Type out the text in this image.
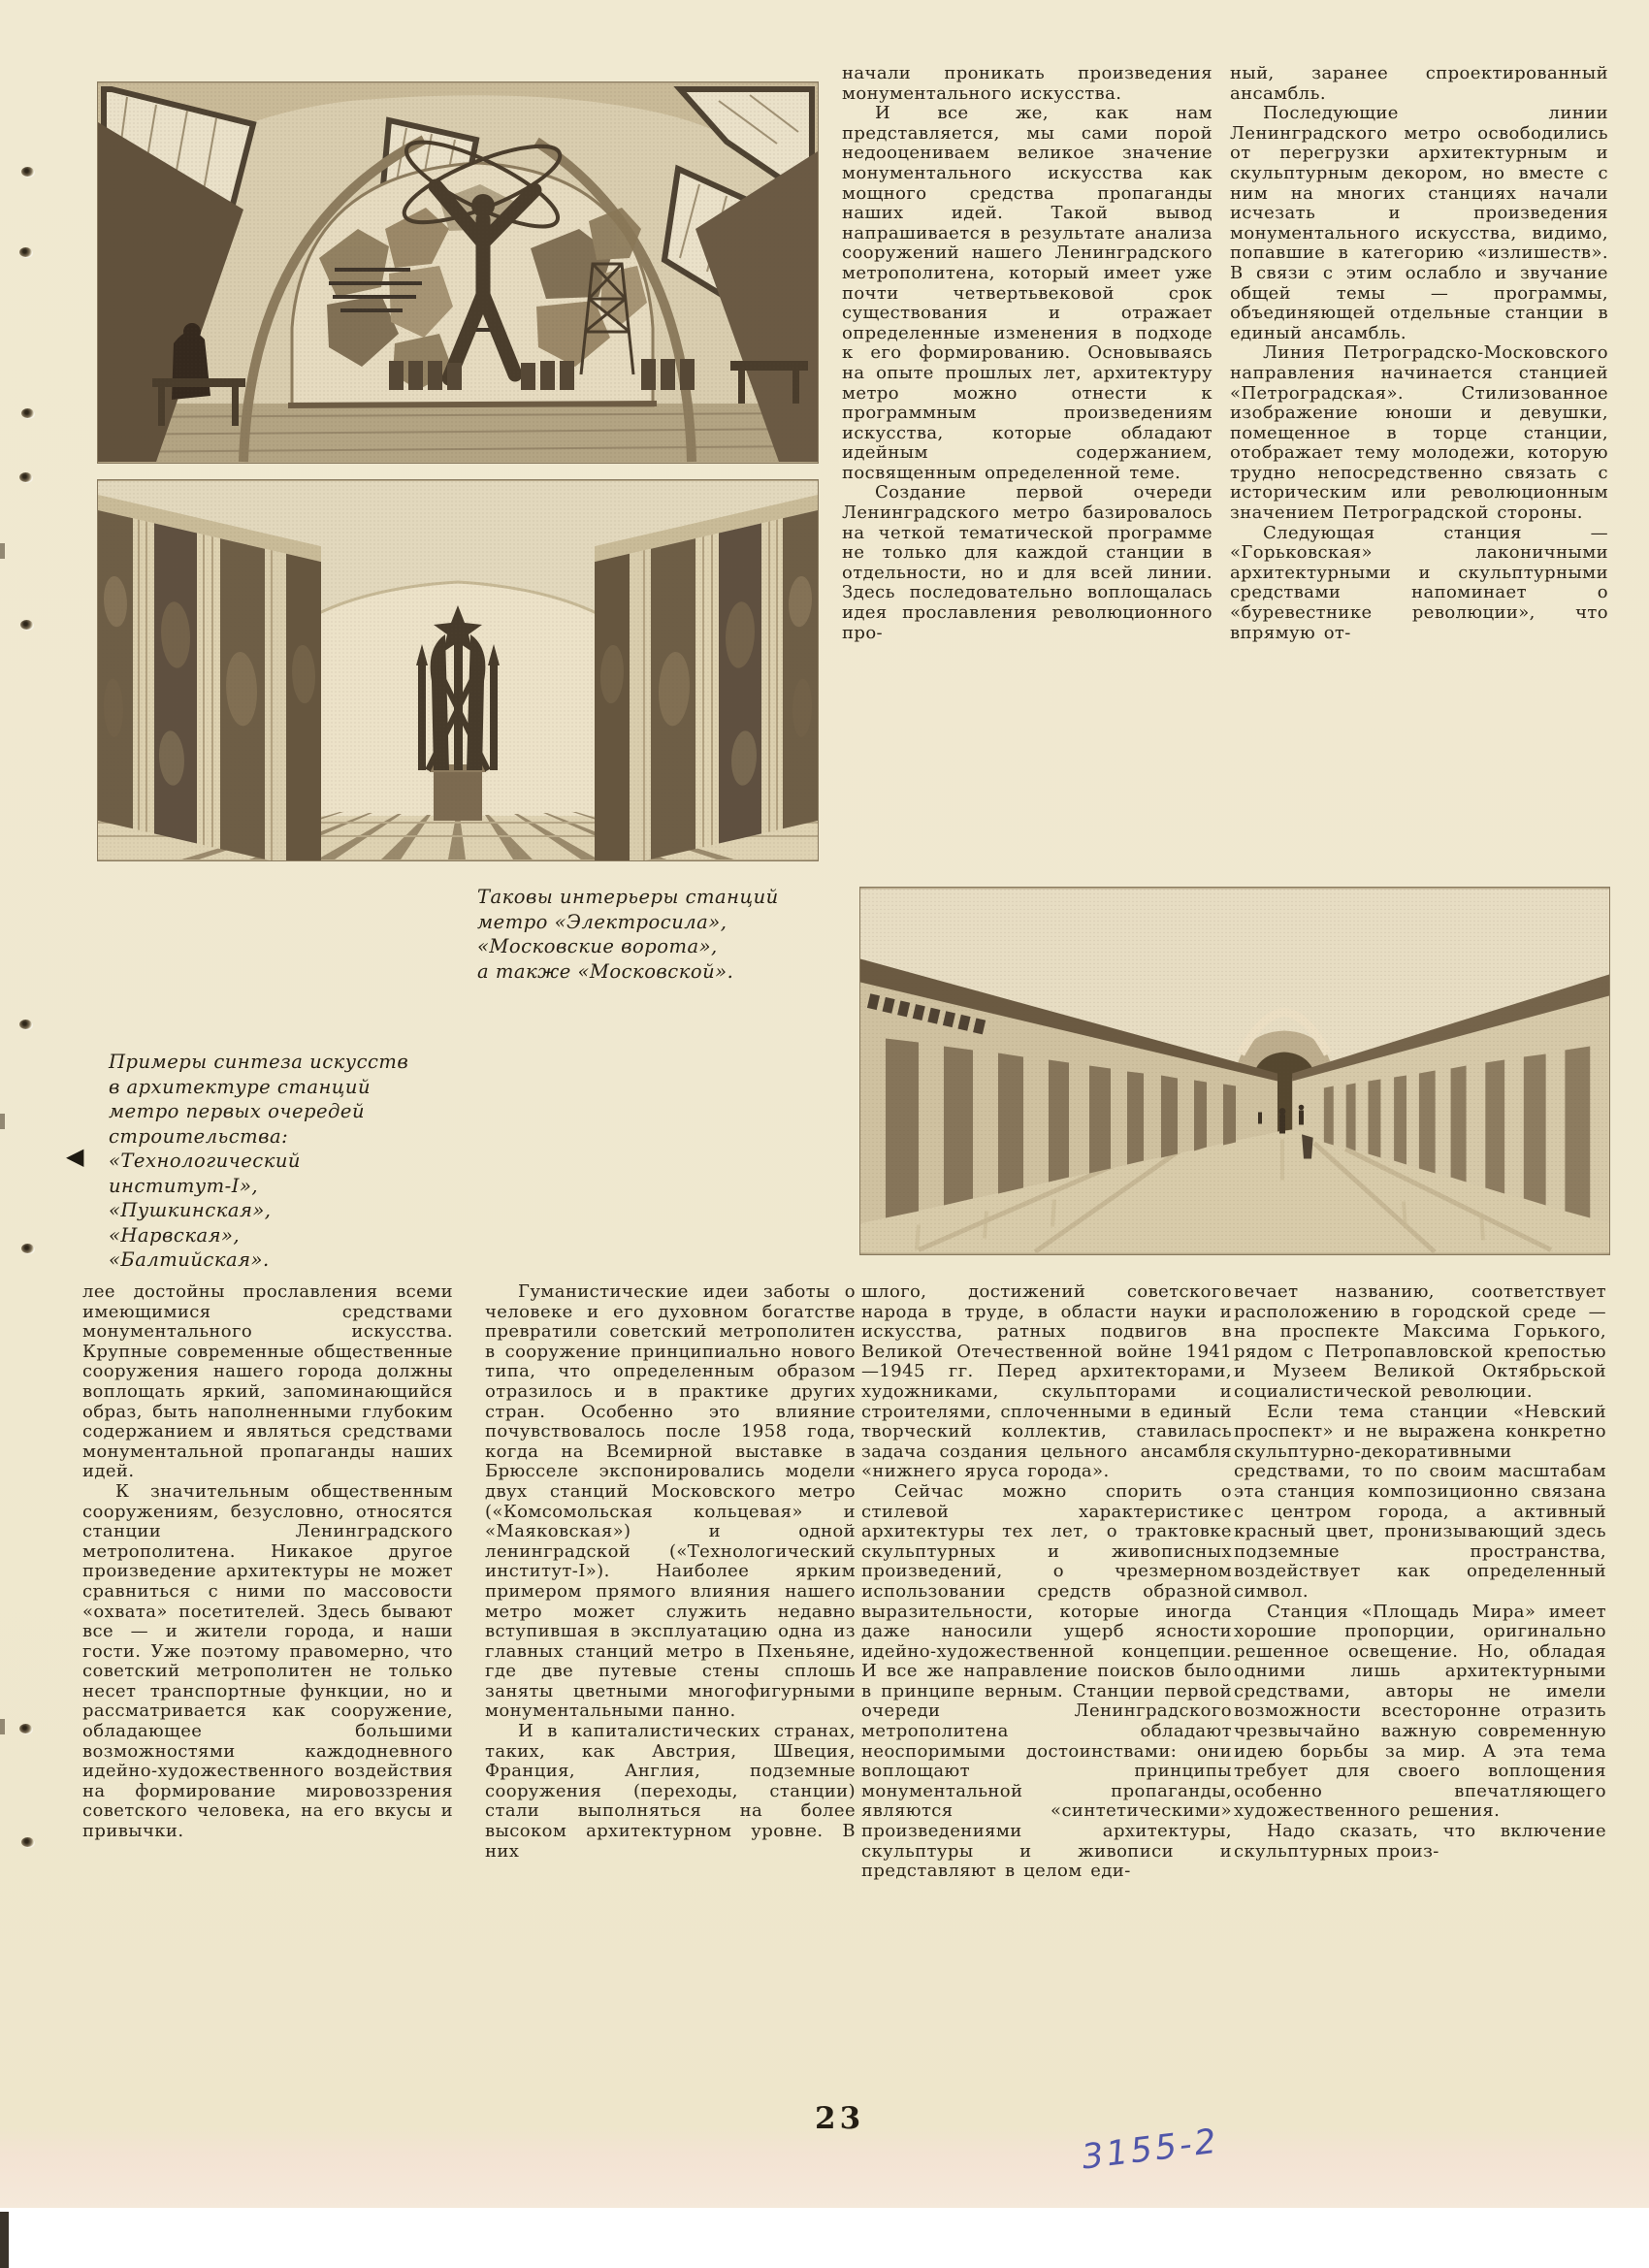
начали проникать произведения монументального искусства.

И все же, как нам представляется, мы сами порой недооцениваем великое значение монументального искусства как мощного средства пропаганды наших идей. Такой вывод напрашивается в результате анализа сооружений нашего Ленинградского метрополитена, который имеет уже почти четвертьвековой срок существования и отражает определенные изменения в подходе к его формированию. Основываясь на опыте прошлых лет, архитектуру метро можно отнести к программным произведениям искусства, которые обладают идейным содержанием, посвященным определенной теме.

Создание первой очереди Ленинградского метро базировалось на четкой тематической программе не только для каждой станции в отдельности, но и для всей линии. Здесь последовательно воплощалась идея прославления революционного про-

ный, заранее спроектированный ансамбль.

Последующие линии Ленинградского метро освободились от перегрузки архитектурным и скульптурным декором, но вместе с ним на многих станциях начали исчезать и произведения монументального искусства, видимо, попавшие в категорию «излишеств». В связи с этим ослабло и звучание общей темы — программы, объединяющей отдельные станции в единый ансамбль.

Линия Петроградско-Московского направления начинается станцией «Петроградская». Стилизованное изображение юноши и девушки, помещенное в торце станции, отображает тему молодежи, которую трудно непосредственно связать с историческим или революционным значением Петроградской стороны.

Следующая станция — «Горьковская» лаконичными архитектурными и скульптурными средствами напоминает о «буревестнике революции», что впрямую от-

Таковы интерьеры станций
метро «Электросила»,
«Московские ворота»,
а также «Московской».
◀
Примеры синтеза искусств
в архитектуре станций
метро первых очередей
строительства:
«Технологический
институт-I»,
«Пушкинская»,
«Нарвская»,
«Балтийская».

лее достойны прославления всеми имеющимися средствами монументального искусства. Крупные современные общественные сооружения нашего города должны воплощать яркий, запоминающийся образ, быть наполненными глубоким содержанием и являться средствами монументальной пропаганды наших идей.

К значительным общественным сооружениям, безусловно, относятся станции Ленинградского метрополитена. Никакое другое произведение архитектуры не может сравниться с ними по массовости «охвата» посетителей. Здесь бывают все — и жители города, и наши гости. Уже поэтому правомерно, что советский метрополитен не только несет транспортные функции, но и рассматривается как сооружение, обладающее большими возможностями каждодневного идейно-художественного воздействия на формирование мировоззрения советского человека, на его вкусы и привычки.

Гуманистические идеи заботы о человеке и его духовном богатстве превратили советский метрополитен в сооружение принципиально нового типа, что определенным образом отразилось и в практике других стран. Особенно это влияние почувствовалось после 1958 года, когда на Всемирной выставке в Брюсселе экспонировались модели двух станций Московского метро («Комсомольская кольцевая» и «Маяковская») и одной ленинградской («Технологический институт-I»). Наиболее ярким примером прямого влияния нашего метро может служить недавно вступившая в эксплуатацию одна из главных станций метро в Пхеньяне, где две путевые стены сплошь заняты цветными многофигурными монументальными панно.

И в капиталистических странах, таких, как Австрия, Швеция, Франция, Англия, подземные сооружения (переходы, станции) стали выполняться на более высоком архитектурном уровне. В них

шлого, достижений советского народа в труде, в области науки и искусства, ратных подвигов в Великой Отечественной войне 1941—1945 гг. Перед архитекторами, художниками, скульпторами и строителями, сплоченными в единый творческий коллектив, ставилась задача создания цельного ансамбля «нижнего яруса города».

Сейчас можно спорить о стилевой характеристике архитектуры тех лет, о трактовке скульптурных и живописных произведений, о чрезмерном использовании средств образной выразительности, которые иногда даже наносили ущерб ясности идейно-художественной концепции. И все же направление поисков было в принципе верным. Станции первой очереди Ленинградского метрополитена обладают неоспоримыми достоинствами: они воплощают принципы монументальной пропаганды, являются «синтетическими» произведениями архитектуры, скульптуры и живописи и представляют в целом еди-

вечает названию, соответствует расположению в городской среде — на проспекте Максима Горького, рядом с Петропавловской крепостью и Музеем Великой Октябрьской социалистической революции.

Если тема станции «Невский проспект» и не выражена конкретно скульптурно-декоративными средствами, то по своим масштабам эта станция композиционно связана с центром города, а активный красный цвет, пронизывающий здесь подземные пространства, воздействует как определенный символ.

Станция «Площадь Мира» имеет хорошие пропорции, оригинально решенное освещение. Но, обладая одними лишь архитектурными средствами, авторы не имели возможности всесторонне отразить чрезвычайно важную современную идею борьбы за мир. А эта тема требует для своего воплощения особенно впечатляющего художественного решения.

Надо сказать, что включение скульптурных произ-

23
3155-2
